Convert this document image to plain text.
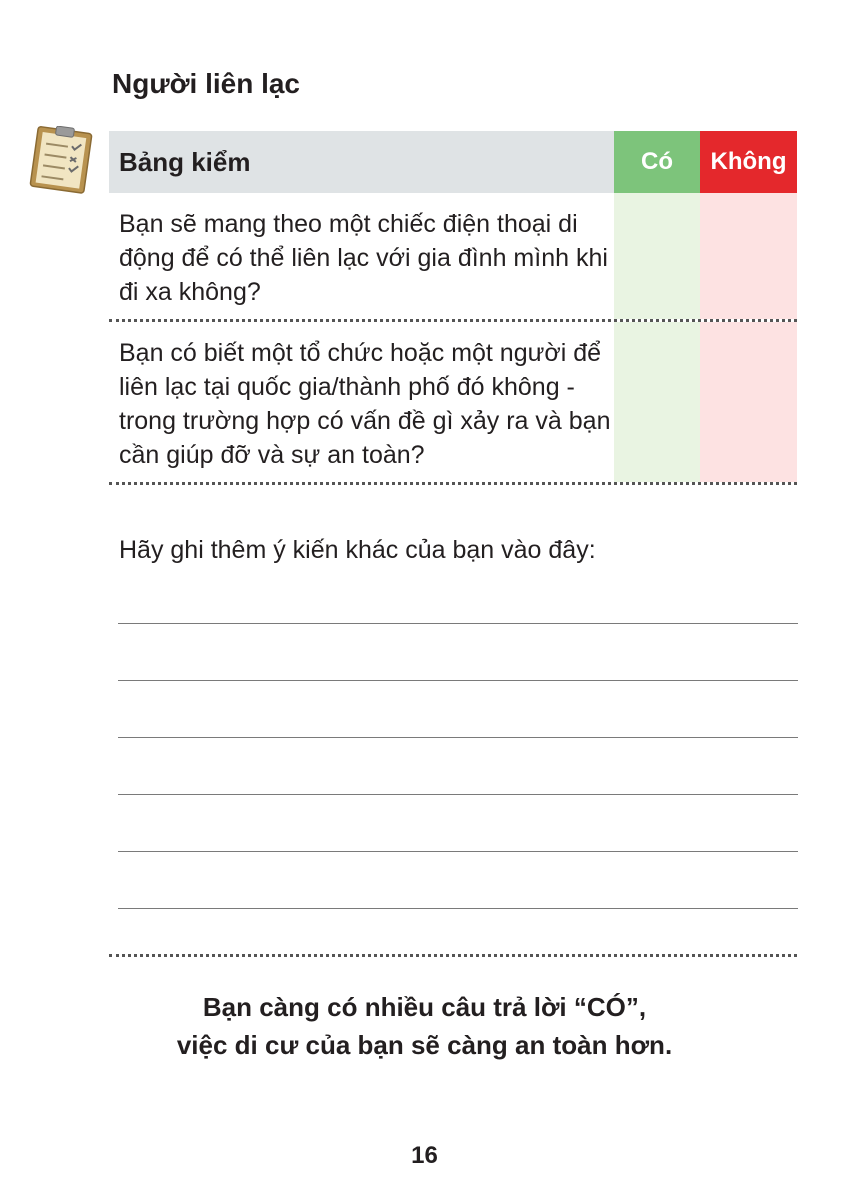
Người liên lạc
Bảng kiểm	Có	Không
Bạn sẽ mang theo một chiếc điện thoại di động để có thể liên lạc với gia đình mình khi đi xa không?
Bạn có biết một tổ chức hoặc một người để liên lạc tại quốc gia/thành phố đó không - trong trường hợp có vấn đề gì xảy ra và bạn cần giúp đỡ và sự an toàn?

Hãy ghi thêm ý kiến khác của bạn vào đây:

Bạn càng có nhiều câu trả lời “CÓ”,
việc di cư của bạn sẽ càng an toàn hơn.
16
